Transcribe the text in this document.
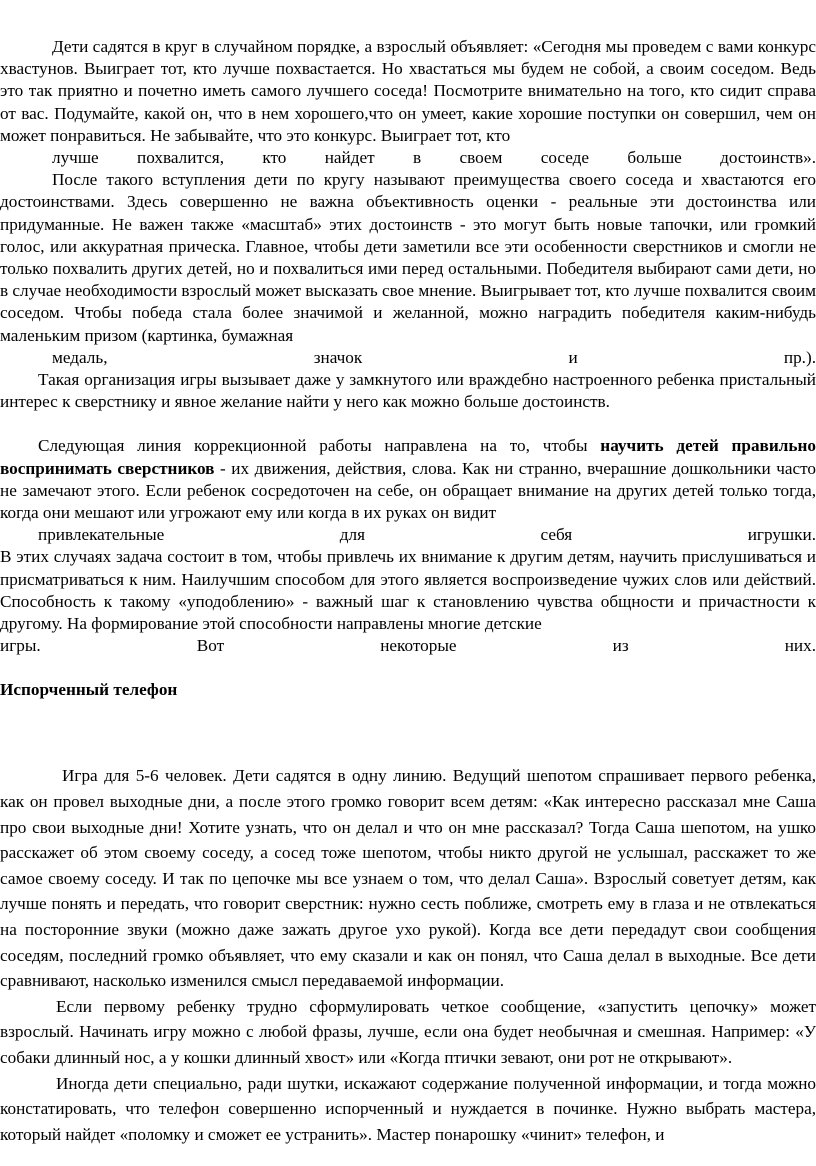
Дети садятся в круг в случайном порядке, а взрослый объявляет: «Сегодня мы проведем с вами конкурс хвастунов. Выиграет тот, кто лучше похвастается. Но хвастаться мы будем не собой, а своим соседом. Ведь это так приятно и почетно иметь самого лучшего соседа! Посмотрите внимательно на того, кто сидит справа от вас. Подумайте, какой он, что в нем хорошего,что он умеет, какие хорошие поступки он совершил, чем он может понравиться. Не забывайте, что это конкурс. Выиграет тот, кто
лучше похвалится, кто найдет в своем соседе больше достоинств».

После такого вступления дети по кругу называют преимущества своего соседа и хвастаются его достоинствами. Здесь совершенно не важна объективность оценки - реальные эти достоинства или придуманные. Не важен также «масштаб» этих достоинств - это могут быть новые тапочки, или громкий голос, или аккуратная прическа. Главное, чтобы дети заметили все эти особенности сверстников и смогли не только похвалить других детей, но и похвалиться ими перед остальными. Победителя выбирают сами дети, но в случае необходимости взрослый может высказать свое мнение. Выигрывает тот, кто лучше похвалится своим соседом. Чтобы победа стала более значимой и желанной, можно наградить победителя каким-нибудь маленьким призом (картинка, бумажная
медаль, значок и пр.).

Такая организация игры вызывает даже у замкнутого или враждебно настроенного ребенка пристальный интерес к сверстнику и явное желание найти у него как можно больше достоинств.

Следующая линия коррекционной работы направлена на то, чтобы научить детей правильно воспринимать сверстников - их движения, действия, слова. Как ни странно, вчерашние дошкольники часто не замечают этого. Если ребенок сосредоточен на себе, он обращает внимание на других детей только тогда, когда они мешают или угрожают ему или когда в их руках он видит
привлекательные для себя игрушки.

В этих случаях задача состоит в том, чтобы привлечь их внимание к другим детям, научить прислушиваться и присматриваться к ним. Наилучшим способом для этого является воспроизведение чужих слов или действий. Способность к такому «уподоблению» - важный шаг к становлению чувства общности и причастности к другому. На формирование этой способности направлены многие детские
игры. Вот некоторые из них.

Испорченный телефон

Игра для 5-6 человек. Дети садятся в одну линию. Ведущий шепотом спрашивает первого ребенка, как он провел выходные дни, а после этого громко говорит всем детям: «Как интересно рассказал мне Саша про свои выходные дни! Хотите узнать, что он делал и что он мне рассказал? Тогда Саша шепотом, на ушко расскажет об этом своему соседу, а сосед тоже шепотом, чтобы никто другой не услышал, расскажет то же самое своему соседу. И так по цепочке мы все узнаем о том, что делал Саша». Взрослый советует детям, как лучше понять и передать, что говорит сверстник: нужно сесть поближе, смотреть ему в глаза и не отвлекаться на посторонние звуки (можно даже зажать другое ухо рукой). Когда все дети передадут свои сообщения соседям, последний громко объявляет, что ему сказали и как он понял, что Саша делал в выходные. Все дети сравнивают, насколько изменился смысл передаваемой информации.

Если первому ребенку трудно сформулировать четкое сообщение, «запустить цепочку» может взрослый. Начинать игру можно с любой фразы, лучше, если она будет необычная и смешная. Например: «У собаки длинный нос, а у кошки длинный хвост» или «Когда птички зевают, они рот не открывают».

Иногда дети специально, ради шутки, искажают содержание полученной информации, и тогда можно констатировать, что телефон совершенно испорченный и нуждается в починке. Нужно выбрать мастера, который найдет «поломку и сможет ее устранить». Мастер понарошку «чинит» телефон, и
